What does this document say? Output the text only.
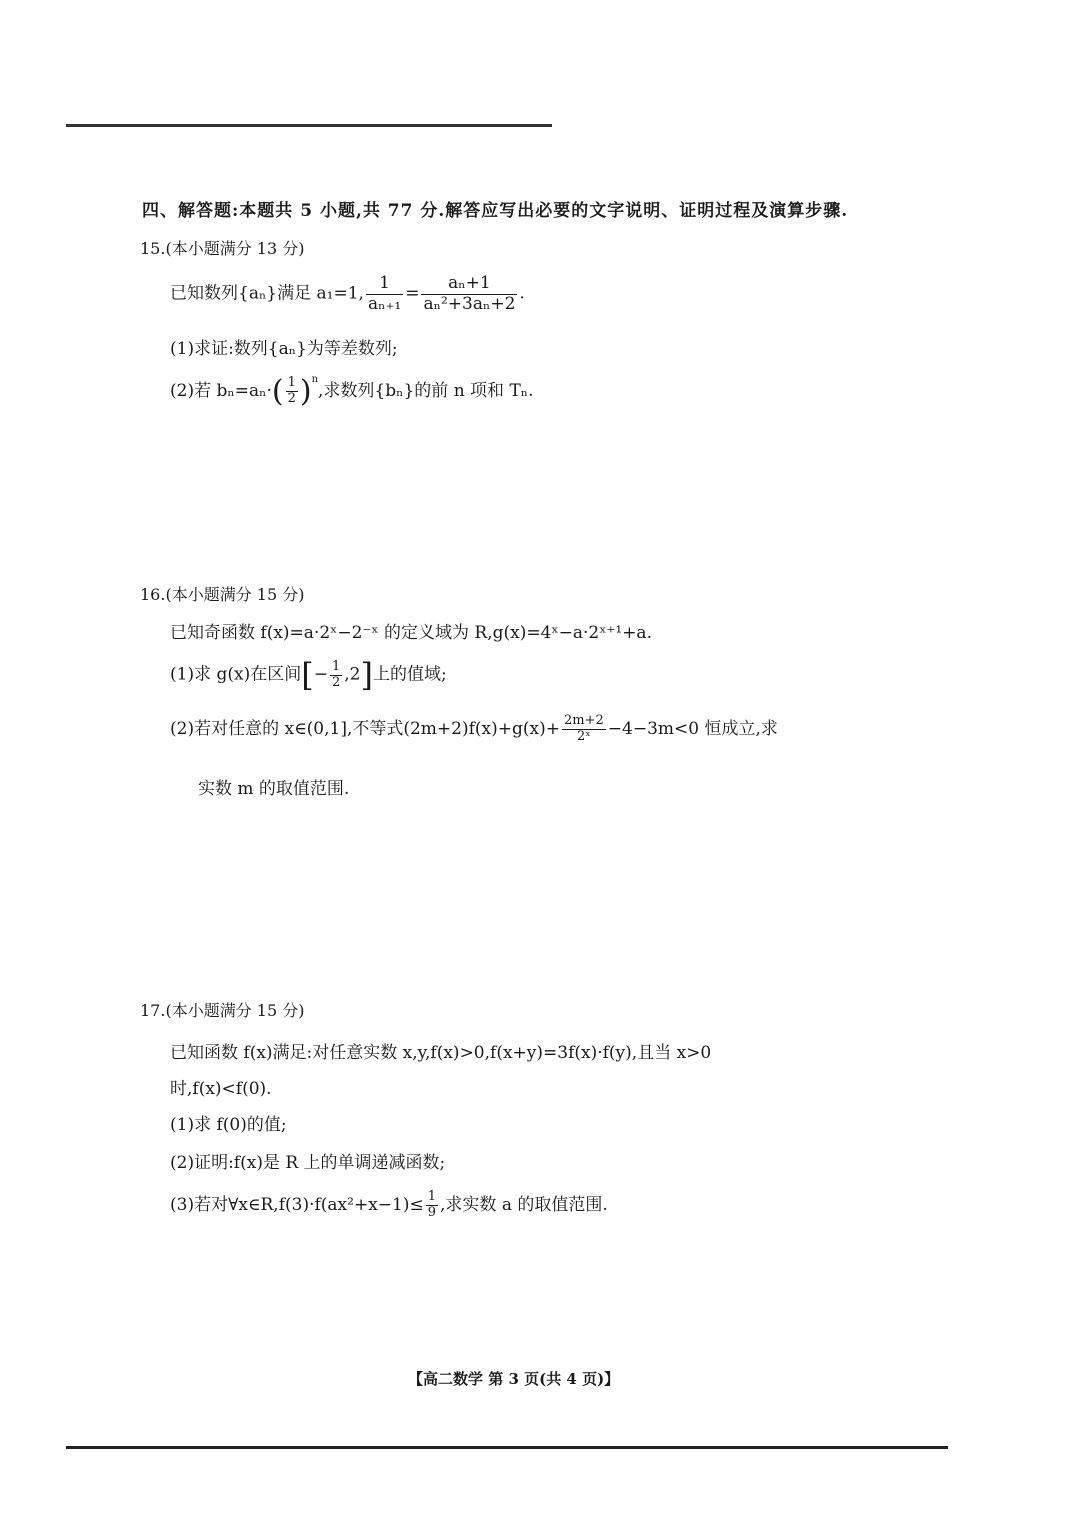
四、解答题:本题共 5 小题,共 77 分.解答应写出必要的文字说明、证明过程及演算步骤.
15.(本小题满分 13 分)
已知数列{aₙ}满足 a₁=1, $\frac{1}{\text{aₙ₊₁}} = \frac{\text{aₙ+1}}{\text{aₙ²+3aₙ+2}}$ .
(1)求证:数列{aₙ}为等差数列;
(2)若 $b_n=a_n\cdot( \frac{1}{2} )^n$,求数列{bₙ}的前 n 项和 Tₙ.
16.(本小题满分 15 分)
已知奇函数 f(x)=a·2ˣ−2⁻ˣ 的定义域为 R,g(x)=4ˣ−a·2ˣ⁺¹+a.
(1)求 g(x)在区间[− $\frac{1}{2} ,2$]上的值域;
(2)若对任意的 x∈(0,1],不等式$(2m+2)f(x)+g(x)+ \frac{2m+2}{\text{2ˣ}} -4-3m<0$ 恒成立,求
实数 m 的取值范围.
17.(本小题满分 15 分)
已知函数 f(x)满足:对任意实数 x,y,f(x)>0,f(x+y)=3f(x)·f(y),且当 x>0
时,f(x)<f(0).
(1)求 f(0)的值;
(2)证明:f(x)是 R 上的单调递减函数;
(3)若对∀x∈R,f(3)·f(ax²+x−1)≤ $\frac{1}{9}$ ,求实数 a 的取值范围.
【高二数学 第 3 页(共 4 页)】
